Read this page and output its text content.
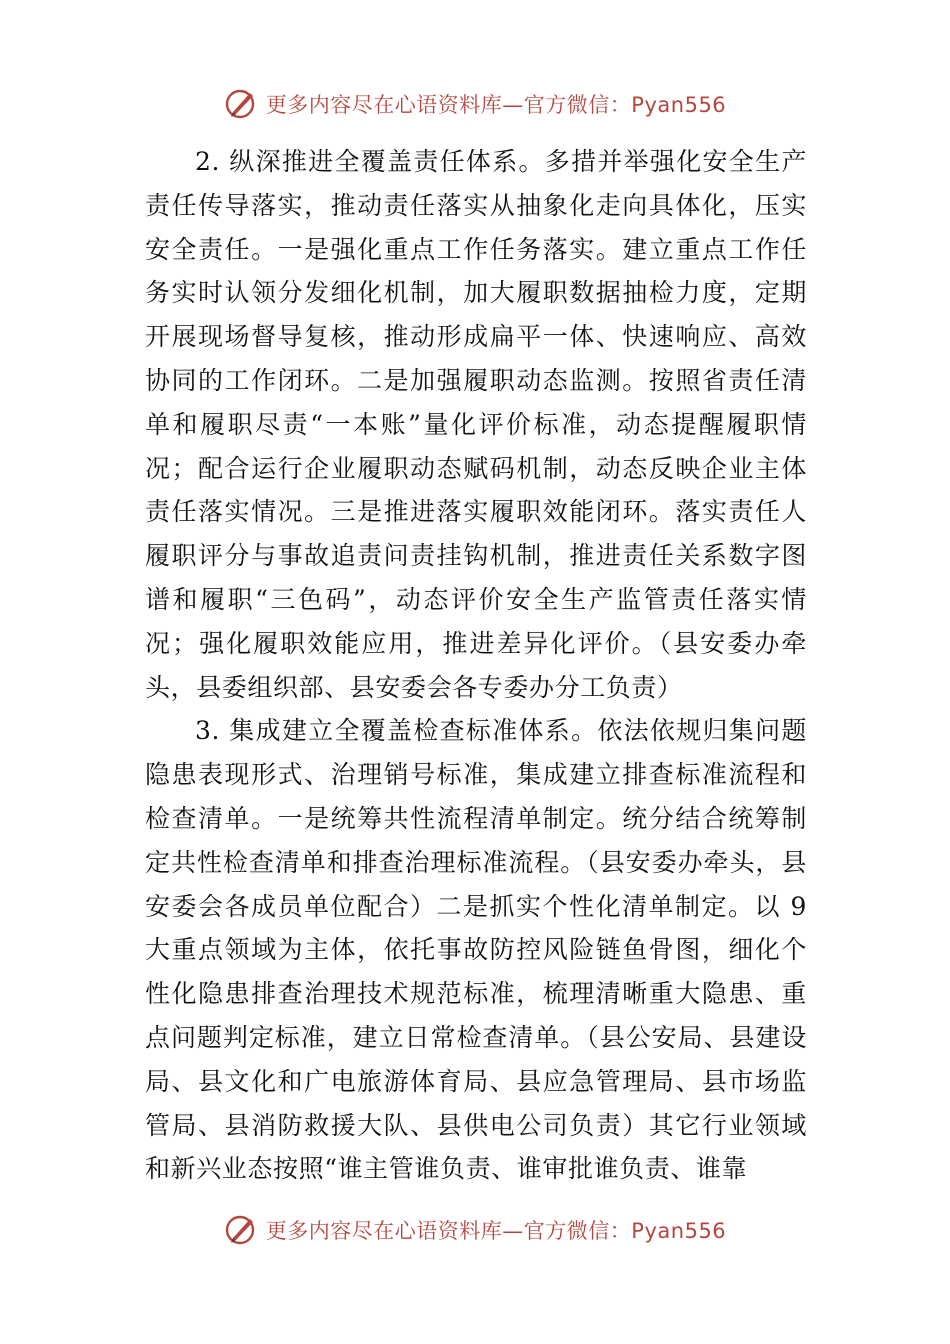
更多内容尽在心语资料库—官方微信：Pyan556

2. 纵深推进全覆盖责任体系。多措并举强化安全生产责任传导落实，推动责任落实从抽象化走向具体化，压实安全责任。一是强化重点工作任务落实。建立重点工作任务实时认领分发细化机制，加大履职数据抽检力度，定期开展现场督导复核，推动形成扁平一体、快速响应、高效协同的工作闭环。二是加强履职动态监测。按照省责任清单和履职尽责“一本账”量化评价标准，动态提醒履职情况；配合运行企业履职动态赋码机制，动态反映企业主体责任落实情况。三是推进落实履职效能闭环。落实责任人履职评分与事故追责问责挂钩机制，推进责任关系数字图谱和履职“三色码”，动态评价安全生产监管责任落实情况；强化履职效能应用，推进差异化评价。（县安委办牵头，县委组织部、县安委会各专委办分工负责）

3. 集成建立全覆盖检查标准体系。依法依规归集问题隐患表现形式、治理销号标准，集成建立排查标准流程和检查清单。一是统筹共性流程清单制定。统分结合统筹制定共性检查清单和排查治理标准流程。（县安委办牵头，县安委会各成员单位配合）二是抓实个性化清单制定。以 9 大重点领域为主体，依托事故防控风险链鱼骨图，细化个性化隐患排查治理技术规范标准，梳理清晰重大隐患、重点问题判定标准，建立日常检查清单。（县公安局、县建设局、县文化和广电旅游体育局、县应急管理局、县市场监管局、县消防救援大队、县供电公司负责）其它行业领域和新兴业态按照“谁主管谁负责、谁审批谁负责、谁靠

更多内容尽在心语资料库—官方微信：Pyan556
